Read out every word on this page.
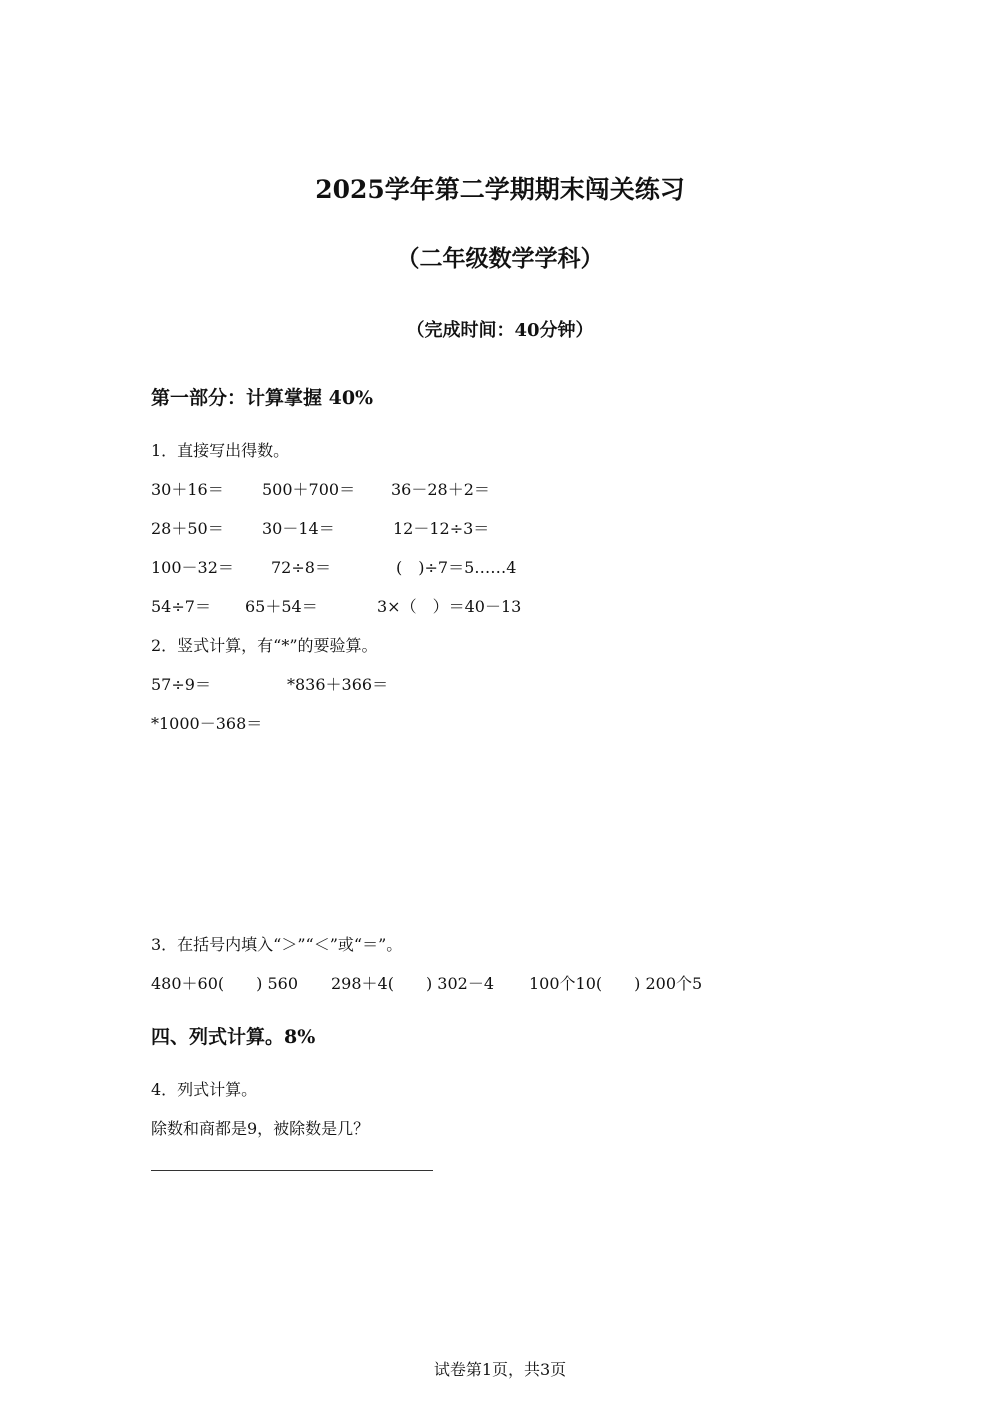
2025学年第二学期期末闯关练习
（二年级数学学科）
（完成时间：40分钟）
第一部分：计算掌握 40%
1．直接写出得数。
30＋16＝ 500＋700＝ 36－28＋2＝
28＋50＝ 30－14＝	12－12÷3＝
100－32＝ 72÷8＝	(　)÷7＝5……4
54÷7＝ 65＋54＝	3×（　）＝40－13
2．竖式计算，有“*”的要验算。
57÷9＝	*836＋366＝
*1000－368＝
3．在括号内填入“＞”“＜”或“＝”。
480＋60(　　) 560 298＋4(　　) 302－4 100个10(　　) 200个5
四、列式计算。8%
4．列式计算。
除数和商都是9，被除数是几？
试卷第1页，共3页
